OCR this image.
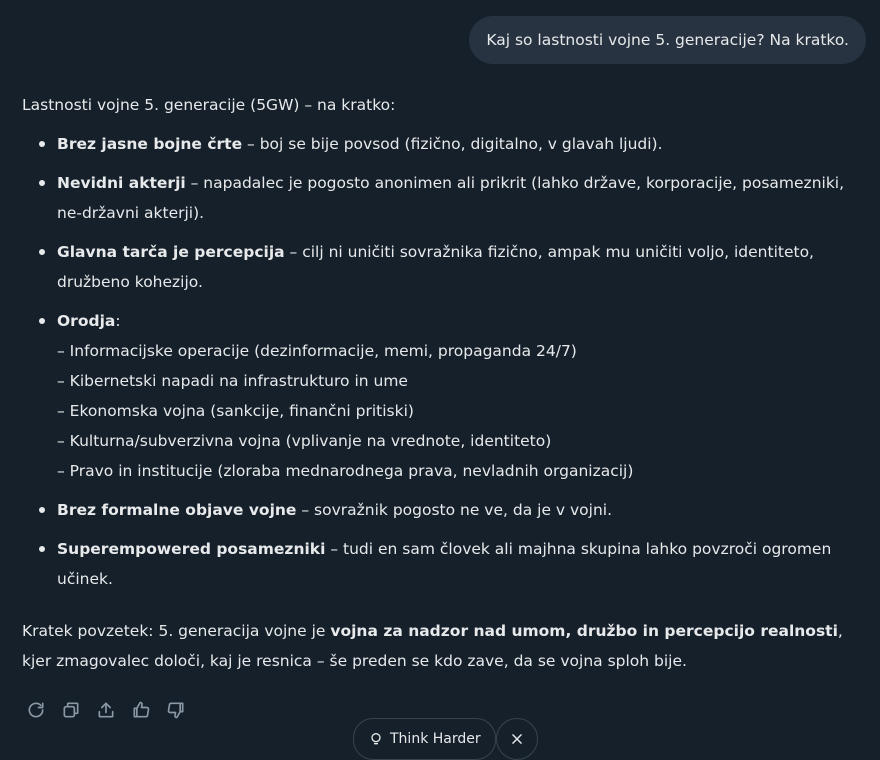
Kaj so lastnosti vojne 5. generacije? Na kratko.
Lastnosti vojne 5. generacije (5GW) – na kratko:
Brez jasne bojne črte – boj se bije povsod (fizično, digitalno, v glavah ljudi).
Nevidni akterji – napadalec je pogosto anonimen ali prikrit (lahko države, korporacije, posamezniki, ne-državni akterji).
Glavna tarča je percepcija – cilj ni uničiti sovražnika fizično, ampak mu uničiti voljo, identiteto, družbeno kohezijo.
Orodja:
– Informacijske operacije (dezinformacije, memi, propaganda 24/7)
– Kibernetski napadi na infrastrukturo in ume
– Ekonomska vojna (sankcije, finančni pritiski)
– Kulturna/subverzivna vojna (vplivanje na vrednote, identiteto)
– Pravo in institucije (zloraba mednarodnega prava, nevladnih organizacij)
Brez formalne objave vojne – sovražnik pogosto ne ve, da je v vojni.
Superempowered posamezniki – tudi en sam človek ali majhna skupina lahko povzroči ogromen učinek.

Kratek povzetek: 5. generacija vojne je vojna za nadzor nad umom, družbo in percepcijo realnosti, kjer zmagovalec določi, kaj je resnica – še preden se kdo zave, da se vojna sploh bije.

Think Harder
